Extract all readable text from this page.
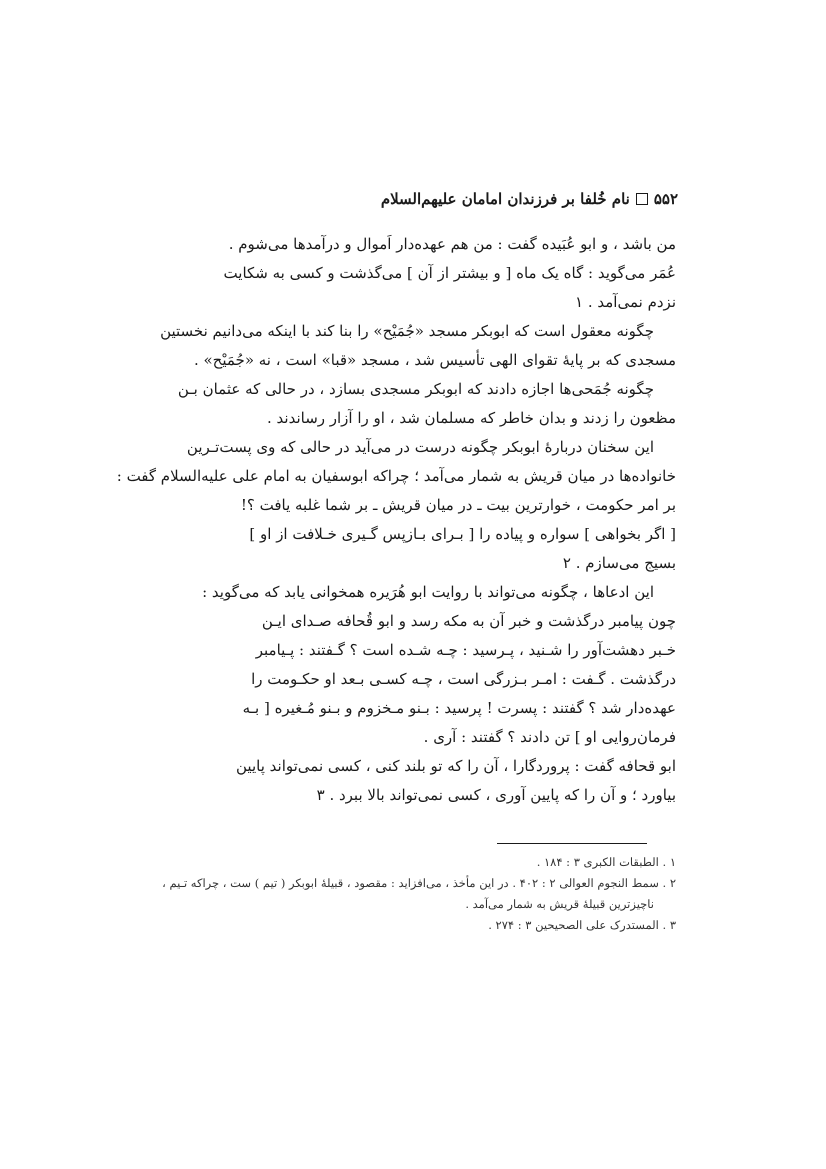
۵۵۲
نام خُلفا بر فرزندان امامان علیهم‌السلام
من باشد ، و ابو عُبَیده گفت : من هم عهده‌دار اَموال و درآمدها می‌شوم .
عُمَر می‌گوید : گاه یک ماه [ و بیشتر از آن ] می‌گذشت و کسی به شکایت
نزدم نمی‌آمد . ۱
چگونه معقول است که ابوبکر مسجد «جُمَیْح» را بنا کند با اینکه می‌دانیم نخستین
مسجدی که بر پایهٔ تقوای الهی تأسیس شد ، مسجد «قبا» است ، نه «جُمَیْح» .
چگونه جُمَحی‌ها اجازه دادند که ابوبکر مسجدی بسازد ، در حالی که عثمان بـن
مظعون را زدند و بدان خاطر که مسلمان شد ، او را آزار رساندند .
این سخنان دربارهٔ ابوبکر چگونه درست در می‌آید در حالی که وی پست‌تـرین
خانواده‌ها در میان قریش به شمار می‌آمد ؛ چراکه ابوسفیان به امام علی علیه‌السلام گفت :
بر امر حکومت ، خوارترین بیت ـ در میان قریش ـ بر شما غلبه یافت ؟!
[ اگر بخواهی ] سواره و پیاده را [ بـرای بـازپس گـیری خـلافت از او ]
بسیج می‌سازم . ۲
این ادعاها ، چگونه می‌تواند با روایت ابو هُرَیره همخوانی یابد که می‌گوید :
چون پیامبر درگذشت و خبر آن به مکه رسد و ابو قُحافه صـدای ایـن
خـبر دهشت‌آور را شـنید ، پـرسید : چـه شـده است ؟ گـفتند : پـیامبر
درگذشت . گـفت : امـر بـزرگی است ، چـه کسـی بـعد او حکـومت را
عهده‌دار شد ؟ گفتند : پسرت ! پرسید : بـنو مـخزوم و بـنو مُـغیره [ بـه
فرمان‌روایی او ] تن دادند ؟ گفتند : آری .
ابو قحافه گفت : پروردگارا ، آن را که تو بلند کنی ، کسی نمی‌تواند پایین
بیاورد ؛ و آن را که پایین آوری ، کسی نمی‌تواند بالا ببرد . ۳
۱ . الطبقات الکبری ۳ : ۱۸۴ .
۲ . سمط النجوم العوالی ۲ : ۴۰۲ . در این مأخذ ، می‌افزاید : مقصود ، قبیلهٔ ابوبکر ( تیم ) ست ، چراکه تـیم ،
ناچیزترین قبیلهٔ قریش به شمار می‌آمد .
۳ . المستدرک علی الصحیحین ۳ : ۲۷۴ .
